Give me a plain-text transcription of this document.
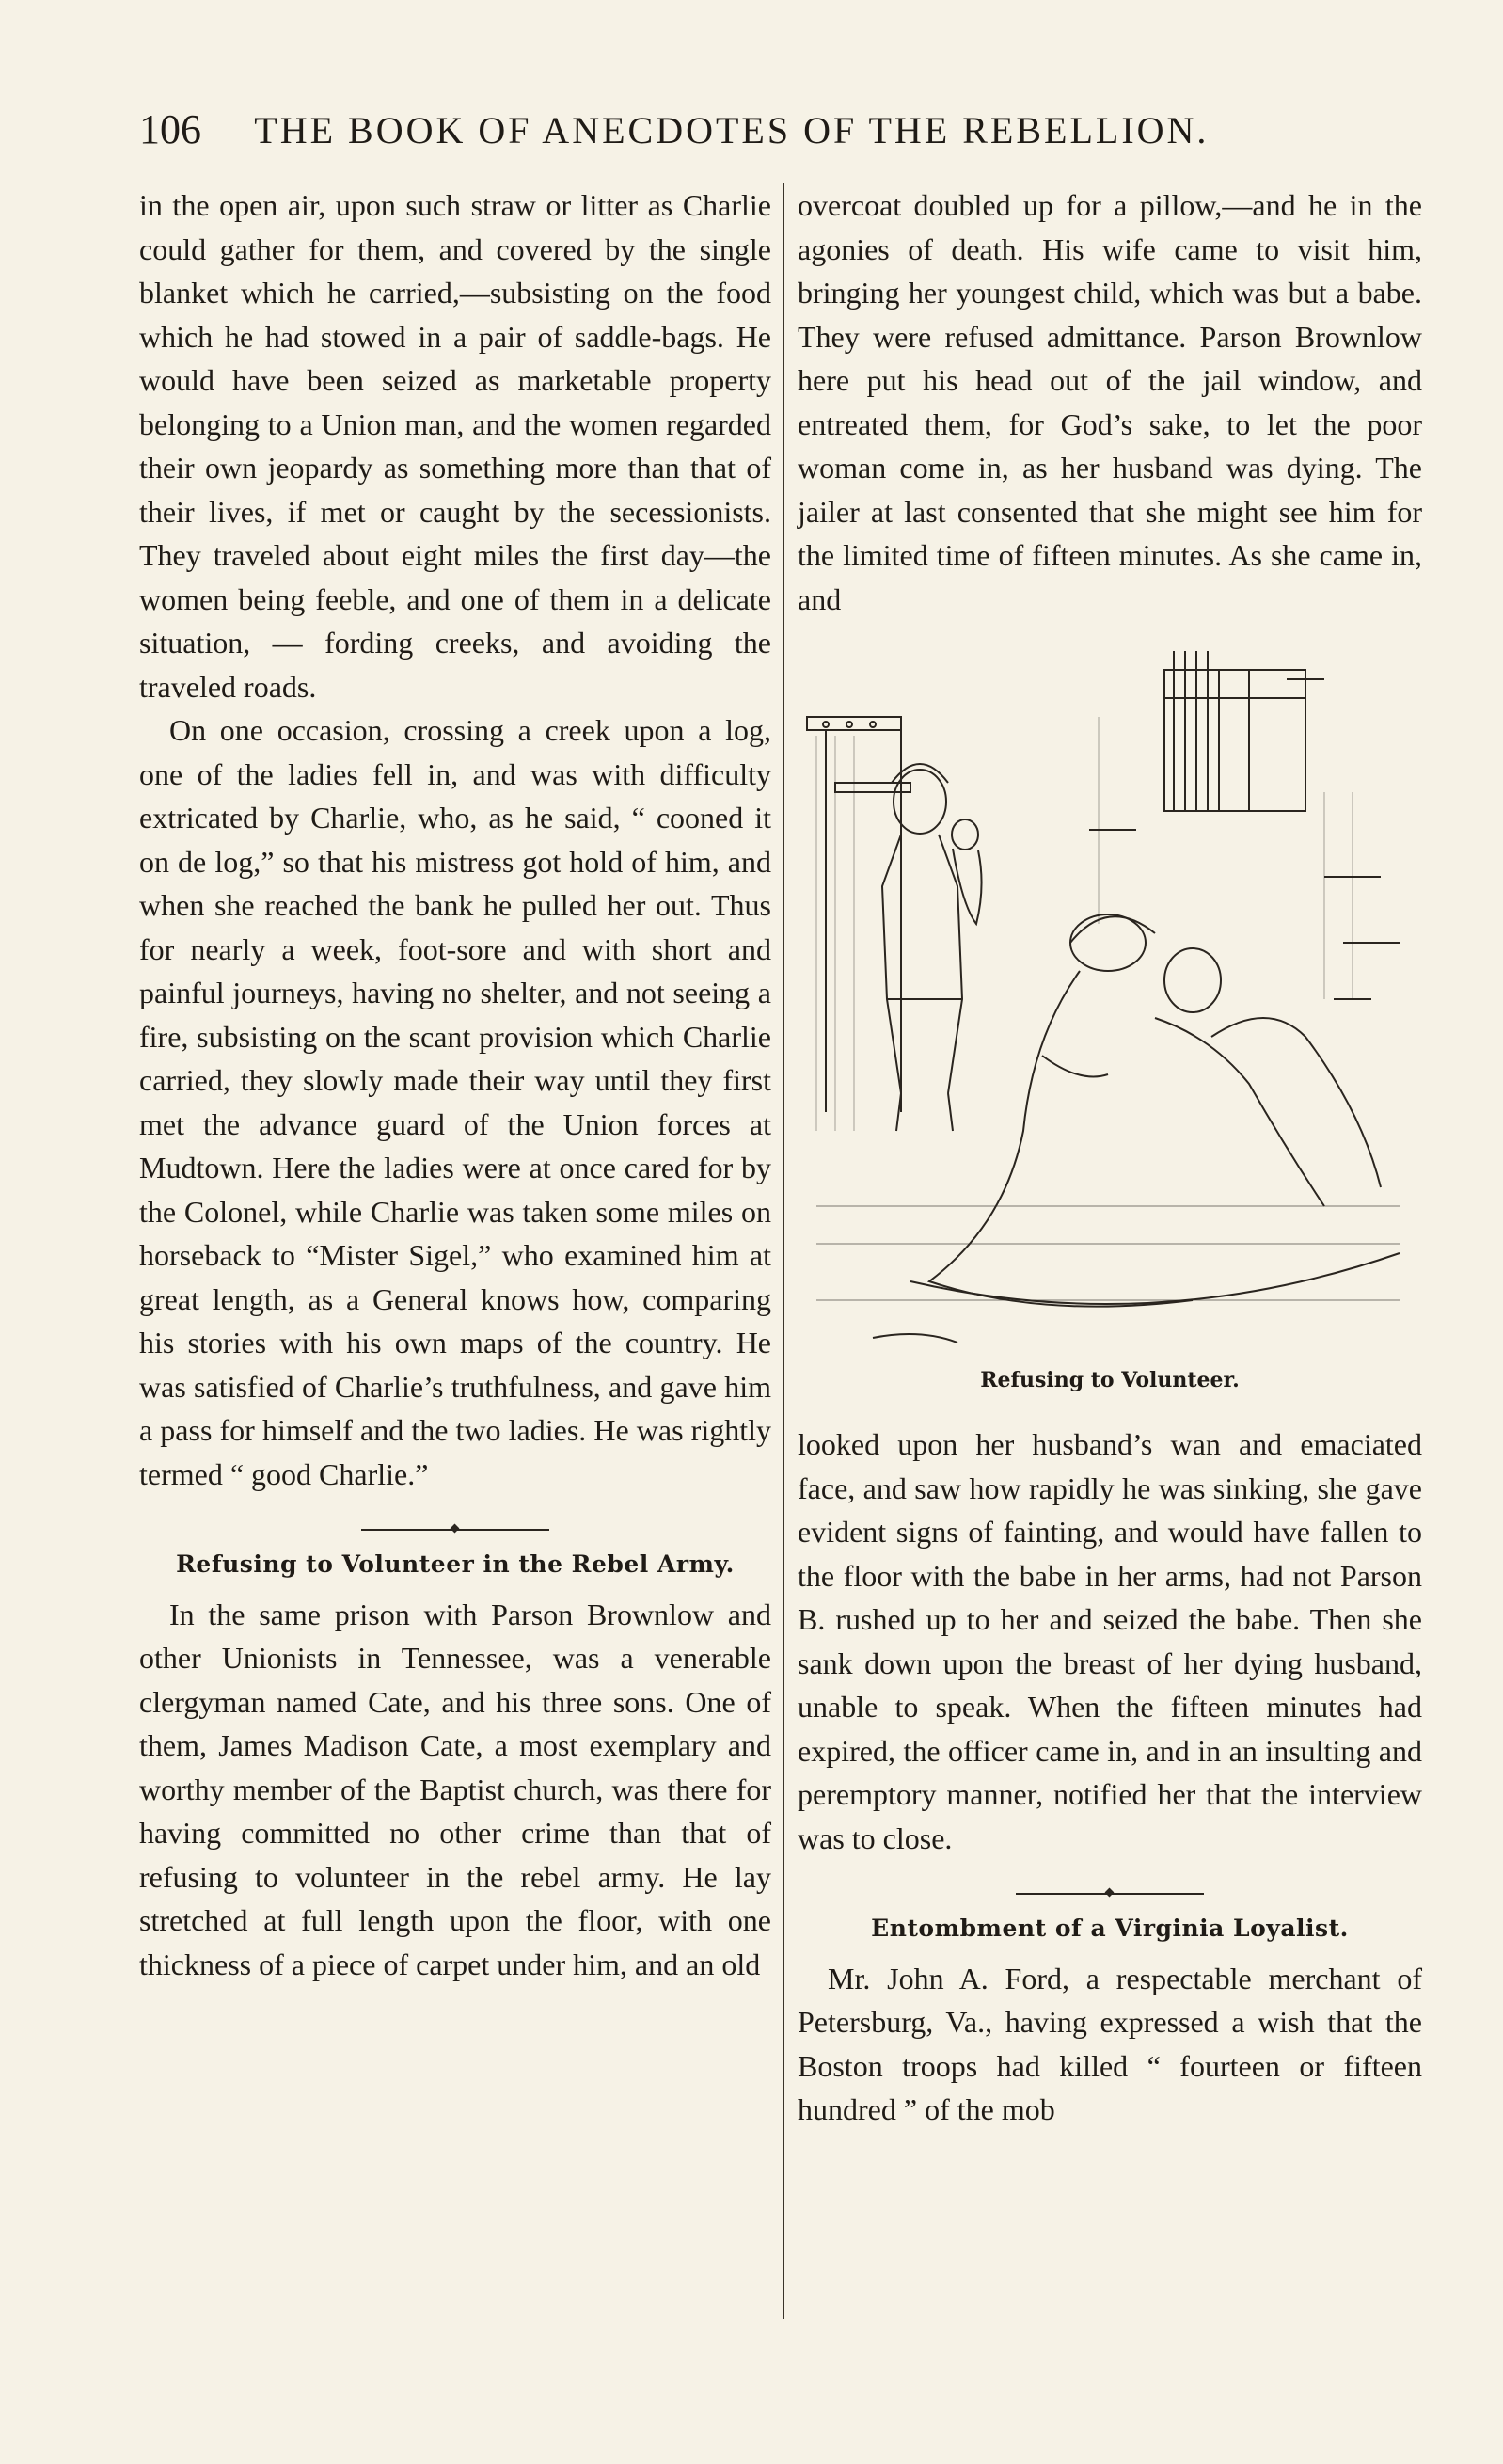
106 THE BOOK OF ANECDOTES OF THE REBELLION.

in the open air, upon such straw or litter as Charlie could gather for them, and covered by the single blanket which he carried,—subsisting on the food which he had stowed in a pair of saddle-bags. He would have been seized as marketable property belonging to a Union man, and the women regarded their own jeopardy as something more than that of their lives, if met or caught by the secessionists. They traveled about eight miles the first day—the women being feeble, and one of them in a delicate situation, — fording creeks, and avoiding the traveled roads.

On one occasion, crossing a creek upon a log, one of the ladies fell in, and was with difficulty extricated by Charlie, who, as he said, “ cooned it on de log,” so that his mistress got hold of him, and when she reached the bank he pulled her out. Thus for nearly a week, foot-sore and with short and painful journeys, having no shelter, and not seeing a fire, subsisting on the scant provision which Charlie carried, they slowly made their way until they first met the advance guard of the Union forces at Mudtown. Here the ladies were at once cared for by the Colonel, while Charlie was taken some miles on horseback to “Mister Sigel,” who examined him at great length, as a General knows how, comparing his stories with his own maps of the country. He was satisfied of Charlie’s truthfulness, and gave him a pass for himself and the two ladies. He was rightly termed “ good Charlie.”

Refusing to Volunteer in the Rebel Army.

In the same prison with Parson Brownlow and other Unionists in Tennessee, was a venerable clergyman named Cate, and his three sons. One of them, James Madison Cate, a most exemplary and worthy member of the Baptist church, was there for having committed no other crime than that of refusing to volunteer in the rebel army. He lay stretched at full length upon the floor, with one thickness of a piece of carpet under him, and an old

overcoat doubled up for a pillow,—and he in the agonies of death. His wife came to visit him, bringing her youngest child, which was but a babe. They were refused admittance. Parson Brownlow here put his head out of the jail window, and entreated them, for God’s sake, to let the poor woman come in, as her husband was dying. The jailer at last consented that she might see him for the limited time of fifteen minutes. As she came in, and

Refusing to Volunteer.

looked upon her husband’s wan and emaciated face, and saw how rapidly he was sinking, she gave evident signs of fainting, and would have fallen to the floor with the babe in her arms, had not Parson B. rushed up to her and seized the babe. Then she sank down upon the breast of her dying husband, unable to speak. When the fifteen minutes had expired, the officer came in, and in an insulting and peremptory manner, notified her that the interview was to close.

Entombment of a Virginia Loyalist.

Mr. John A. Ford, a respectable merchant of Petersburg, Va., having expressed a wish that the Boston troops had killed “ fourteen or fifteen hundred ” of the mob
